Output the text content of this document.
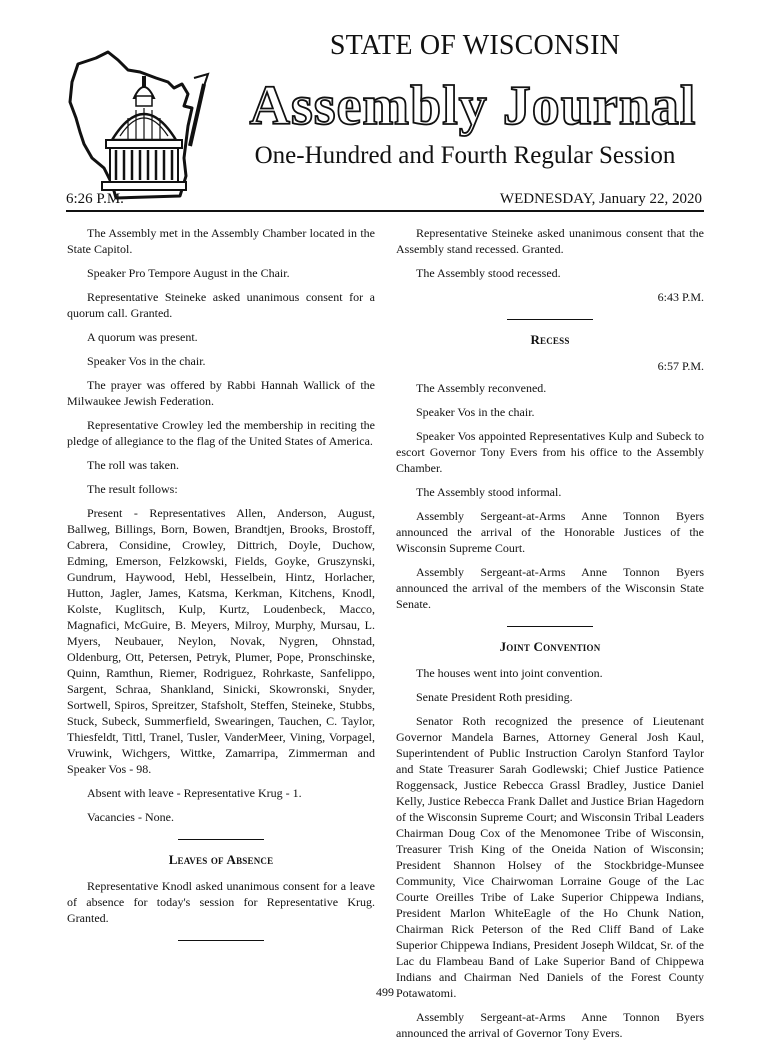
STATE OF WISCONSIN
Assembly Journal
One-Hundred and Fourth Regular Session
6:26 P.M.	WEDNESDAY, January 22, 2020

The Assembly met in the Assembly Chamber located in the State Capitol.

Speaker Pro Tempore August in the Chair.

Representative Steineke asked unanimous consent for a quorum call. Granted.

A quorum was present.

Speaker Vos in the chair.

The prayer was offered by Rabbi Hannah Wallick of the Milwaukee Jewish Federation.

Representative Crowley led the membership in reciting the pledge of allegiance to the flag of the United States of America.

The roll was taken.

The result follows:

Present - Representatives Allen, Anderson, August, Ballweg, Billings, Born, Bowen, Brandtjen, Brooks, Brostoff, Cabrera, Considine, Crowley, Dittrich, Doyle, Duchow, Edming, Emerson, Felzkowski, Fields, Goyke, Gruszynski, Gundrum, Haywood, Hebl, Hesselbein, Hintz, Horlacher, Hutton, Jagler, James, Katsma, Kerkman, Kitchens, Knodl, Kolste, Kuglitsch, Kulp, Kurtz, Loudenbeck, Macco, Magnafici, McGuire, B. Meyers, Milroy, Murphy, Mursau, L. Myers, Neubauer, Neylon, Novak, Nygren, Ohnstad, Oldenburg, Ott, Petersen, Petryk, Plumer, Pope, Pronschinske, Quinn, Ramthun, Riemer, Rodriguez, Rohrkaste, Sanfelippo, Sargent, Schraa, Shankland, Sinicki, Skowronski, Snyder, Sortwell, Spiros, Spreitzer, Stafsholt, Steffen, Steineke, Stubbs, Stuck, Subeck, Summerfield, Swearingen, Tauchen, C. Taylor, Thiesfeldt, Tittl, Tranel, Tusler, VanderMeer, Vining, Vorpagel, Vruwink, Wichgers, Wittke, Zamarripa, Zimmerman and Speaker Vos - 98.

Absent with leave - Representative Krug - 1.

Vacancies - None.

Leaves of Absence

Representative Knodl asked unanimous consent for a leave of absence for today's session for Representative Krug. Granted.

Representative Steineke asked unanimous consent that the Assembly stand recessed. Granted.

The Assembly stood recessed.

6:43 P.M.
Recess
6:57 P.M.

The Assembly reconvened.

Speaker Vos in the chair.

Speaker Vos appointed Representatives Kulp and Subeck to escort Governor Tony Evers from his office to the Assembly Chamber.

The Assembly stood informal.

Assembly Sergeant-at-Arms Anne Tonnon Byers announced the arrival of the Honorable Justices of the Wisconsin Supreme Court.

Assembly Sergeant-at-Arms Anne Tonnon Byers announced the arrival of the members of the Wisconsin State Senate.

Joint Convention

The houses went into joint convention.

Senate President Roth presiding.

Senator Roth recognized the presence of Lieutenant Governor Mandela Barnes, Attorney General Josh Kaul, Superintendent of Public Instruction Carolyn Stanford Taylor and State Treasurer Sarah Godlewski; Chief Justice Patience Roggensack, Justice Rebecca Grassl Bradley, Justice Daniel Kelly, Justice Rebecca Frank Dallet and Justice Brian Hagedorn of the Wisconsin Supreme Court; and Wisconsin Tribal Leaders Chairman Doug Cox of the Menomonee Tribe of Wisconsin, Treasurer Trish King of the Oneida Nation of Wisconsin; President Shannon Holsey of the Stockbridge-Munsee Community, Vice Chairwoman Lorraine Gouge of the Lac Courte Oreilles Tribe of Lake Superior Chippewa Indians, President Marlon WhiteEagle of the Ho Chunk Nation, Chairman Rick Peterson of the Red Cliff Band of Lake Superior Chippewa Indians, President Joseph Wildcat, Sr. of the Lac du Flambeau Band of Lake Superior Band of Chippewa Indians and Chairman Ned Daniels of the Forest County Potawatomi.

Assembly Sergeant-at-Arms Anne Tonnon Byers announced the arrival of Governor Tony Evers.

499
